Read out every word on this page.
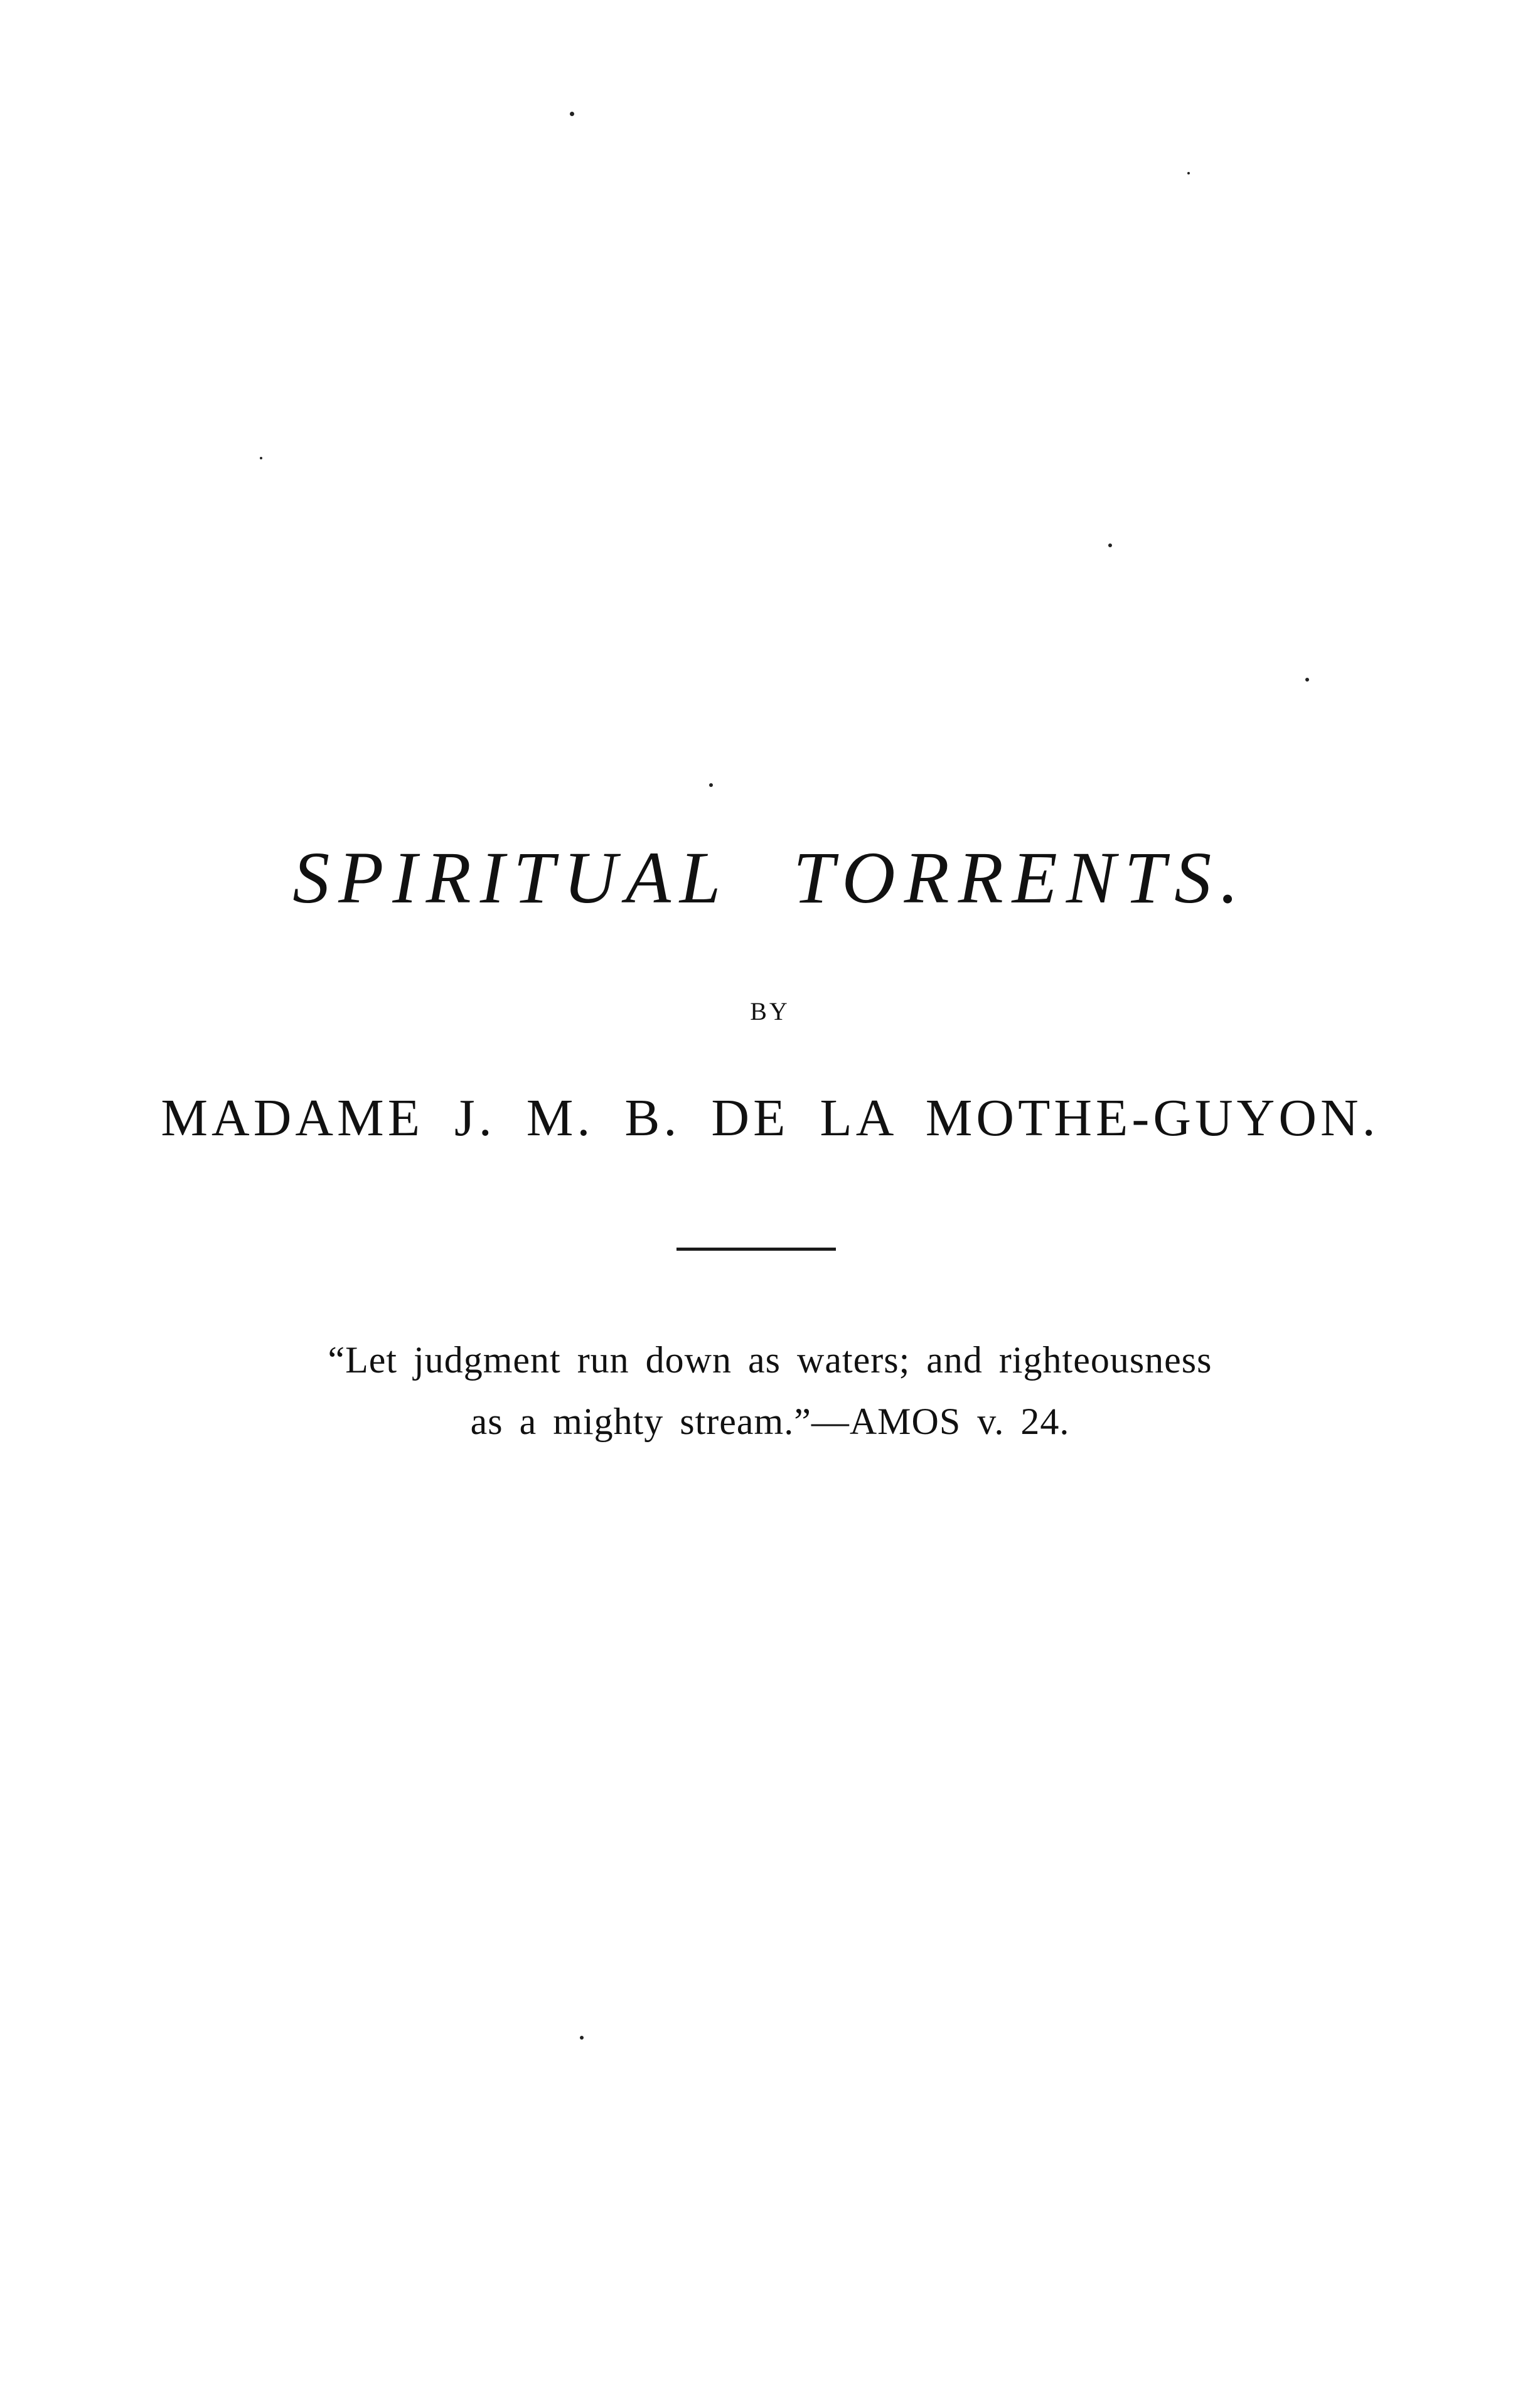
SPIRITUAL TORRENTS.
BY
MADAME J. M. B. DE LA MOTHE-GUYON.
“Let judgment run down as waters; and righteousness
as a mighty stream.”—AMOS v. 24.
